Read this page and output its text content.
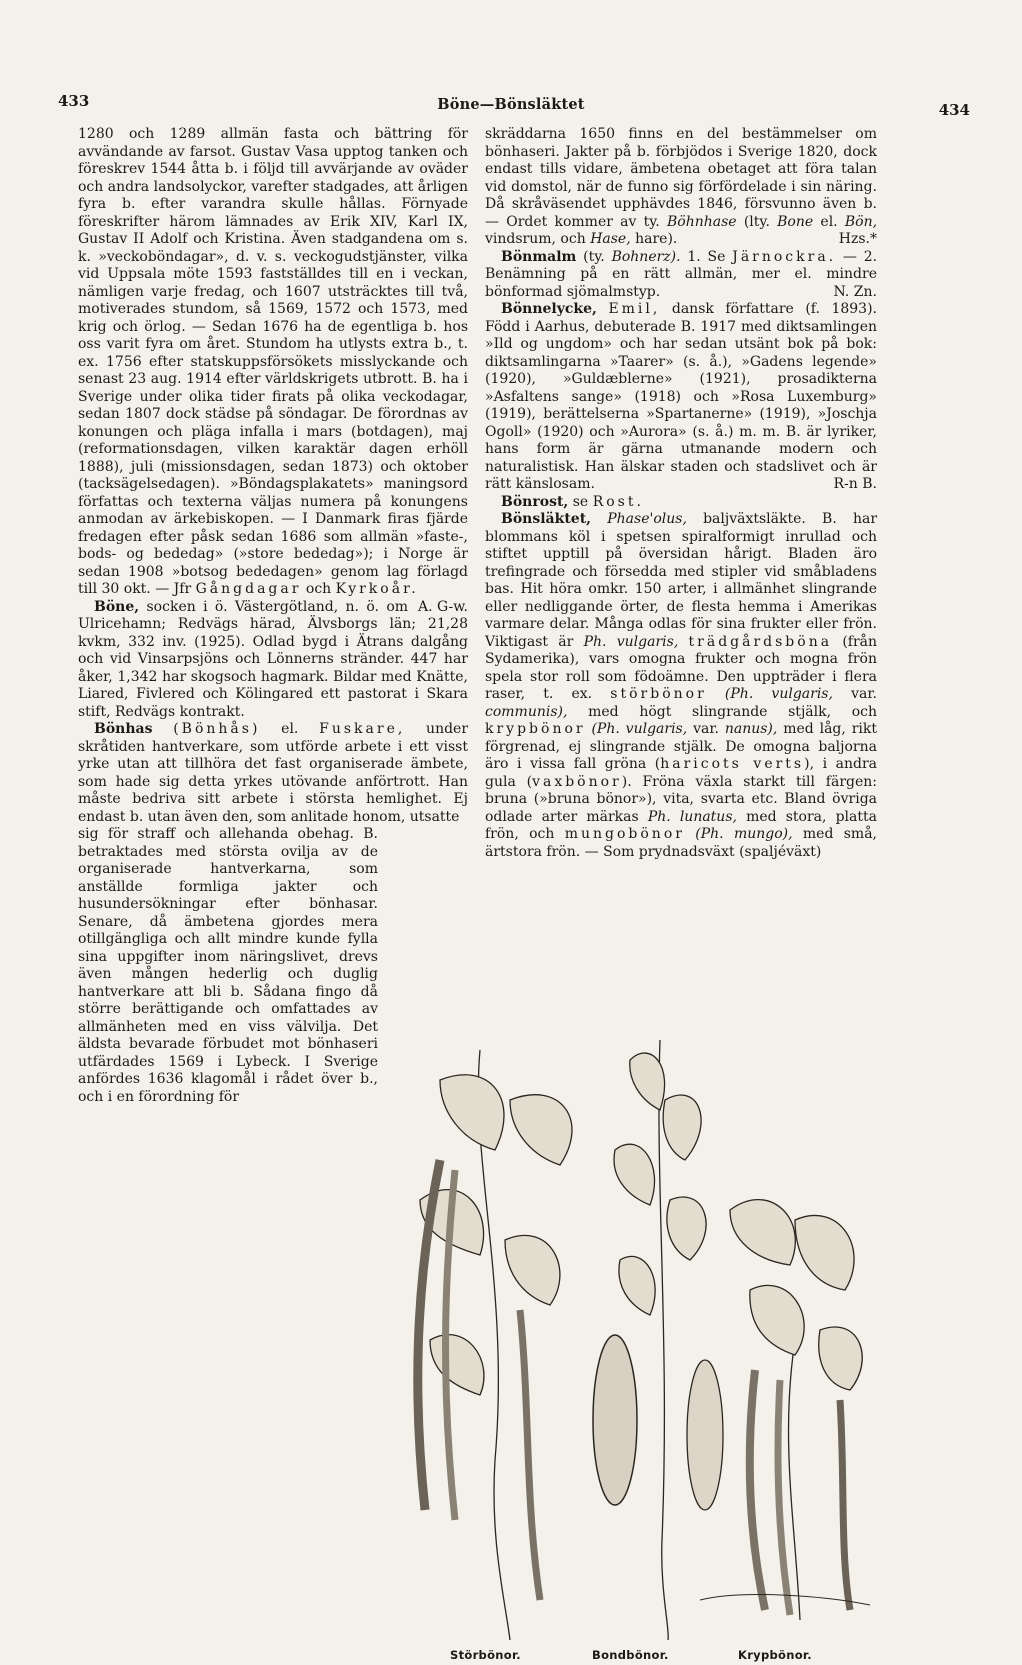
433	Böne—Bönsläktet	434

1280 och 1289 allmän fasta och bättring för avvändande av farsot. Gustav Vasa upptog tanken och föreskrev 1544 åtta b. i följd till avvärjande av oväder och andra landsolyckor, varefter stadgades, att årligen fyra b. efter varandra skulle hållas. Förnyade föreskrifter härom lämnades av Erik XIV, Karl IX, Gustav II Adolf och Kristina. Även stadgandena om s. k. »veckoböndagar», d. v. s. veckogudstjänster, vilka vid Uppsala möte 1593 fastställdes till en i veckan, nämligen varje fredag, och 1607 utsträcktes till två, motiverades stundom, så 1569, 1572 och 1573, med krig och örlog. — Sedan 1676 ha de egentliga b. hos oss varit fyra om året. Stundom ha utlysts extra b., t. ex. 1756 efter statskuppsförsökets misslyckande och senast 23 aug. 1914 efter världskrigets utbrott. B. ha i Sverige under olika tider firats på olika veckodagar, sedan 1807 dock städse på söndagar. De förordnas av konungen och pläga infalla i mars (botdagen), maj (reformationsdagen, vilken karaktär dagen erhöll 1888), juli (missionsdagen, sedan 1873) och oktober (tacksägelsedagen). »Böndagsplakatets» maningsord författas och texterna väljas numera på konungens anmodan av ärkebiskopen. — I Danmark firas fjärde fredagen efter påsk sedan 1686 som allmän »faste-, bods- og bededag» (»store bededag»); i Norge är sedan 1908 »botsog bededagen» genom lag förlagd till 30 okt. — Jfr Gångdagar och Kyrkoår.
A. G-w.

Böne, socken i ö. Västergötland, n. ö. om Ulricehamn; Redvägs härad, Älvsborgs län; 21,28 kvkm, 332 inv. (1925). Odlad bygd i Ätrans dalgång och vid Vinsarpsjöns och Lönnerns stränder. 447 har åker, 1,342 har skogsoch hagmark. Bildar med Knätte, Liared, Fivlered och Kölingared ett pastorat i Skara stift, Redvägs kontrakt.

Bönhas (Bönhås) el. Fuskare, under skråtiden hantverkare, som utförde arbete i ett visst yrke utan att tillhöra det fast organiserade ämbete, som hade sig detta yrkes utövande anförtrott. Han måste bedriva sitt arbete i största hemlighet. Ej endast b. utan även den, som anlitade honom, utsatte

sig för straff och allehanda obehag. B. betraktades med största ovilja av de organiserade hantverkarna, som anställde formliga jakter och husundersökningar efter bönhasar. Senare, då ämbetena gjordes mera otillgängliga och allt mindre kunde fylla sina uppgifter inom näringslivet, drevs även mången hederlig och duglig hantverkare att bli b. Sådana fingo då större berättigande och omfattades av allmänheten med en viss välvilja. Det äldsta bevarade förbudet mot bönhaseri utfärdades 1569 i Lybeck. I Sverige anfördes 1636 klagomål i rådet över b., och i en förordning för

skräddarna 1650 finns en del bestämmelser om bönhaseri. Jakter på b. förbjödos i Sverige 1820, dock endast tills vidare, ämbetena obetaget att föra talan vid domstol, när de funno sig förfördelade i sin näring. Då skråväsendet upphävdes 1846, försvunno även b. — Ordet kommer av ty. Böhnhase (lty. Bone el. Bön, vindsrum, och Hase, hare).	Hzs.*

Bönmalm (ty. Bohnerz). 1. Se Järnockra. — 2. Benämning på en rätt allmän, mer el. mindre bönformad sjömalmstyp.	N. Zn.

Bönnelycke, Emil, dansk författare (f. 1893). Född i Aarhus, debuterade B. 1917 med diktsamlingen »Ild og ungdom» och har sedan utsänt bok på bok: diktsamlingarna »Taarer» (s. å.), »Gadens legende» (1920), »Guldæblerne» (1921), prosadikterna »Asfaltens sange» (1918) och »Rosa Luxemburg» (1919), berättelserna »Spartanerne» (1919), »Joschja Ogoll» (1920) och »Aurora» (s. å.) m. m. B. är lyriker, hans form är gärna utmanande modern och naturalistisk. Han älskar staden och stadslivet och är rätt känslosam.	R-n B.

Bönrost, se Rost.

Bönsläktet, Phase'olus, baljväxtsläkte. B. har blommans köl i spetsen spiralformigt inrullad och stiftet upptill på översidan hårigt. Bladen äro trefingrade och försedda med stipler vid småbladens bas. Hit höra omkr. 150 arter, i allmänhet slingrande eller nedliggande örter, de flesta hemma i Amerikas varmare delar. Många odlas för sina frukter eller frön. Viktigast är Ph. vulgaris, trädgårdsböna (från Sydamerika), vars omogna frukter och mogna frön spela stor roll som födoämne. Den uppträder i flera raser, t. ex. störbönor (Ph. vulgaris, var. communis), med högt slingrande stjälk, och krypbönor (Ph. vulgaris, var. nanus), med låg, rikt förgrenad, ej slingrande stjälk. De omogna baljorna äro i vissa fall gröna (haricots verts), i andra gula (vaxbönor). Fröna växla starkt till färgen: bruna (»bruna bönor»), vita, svarta etc. Bland övriga odlade arter märkas Ph. lunatus, med stora, platta frön, och mungobönor (Ph. mungo), med små, ärtstora frön. — Som prydnadsväxt (spaljéväxt)

Störbönor.	Bondbönor.	Krypbönor.
